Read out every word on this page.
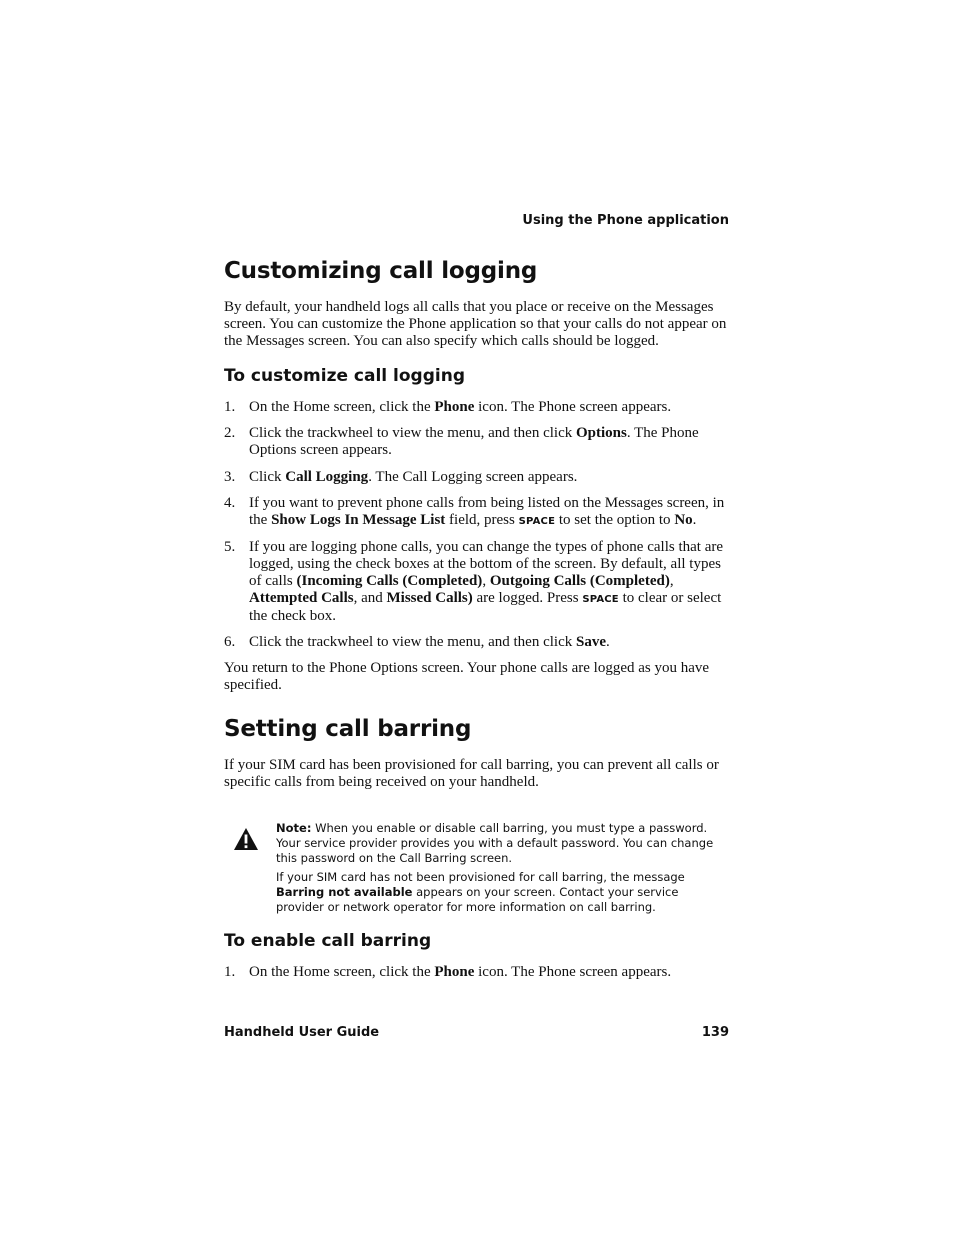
Using the Phone application
Customizing call logging
By default, your handheld logs all calls that you place or receive on the Messages screen. You can customize the Phone application so that your calls do not appear on the Messages screen. You can also specify which calls should be logged.
To customize call logging
1. On the Home screen, click the Phone icon. The Phone screen appears.
2. Click the trackwheel to view the menu, and then click Options. The Phone Options screen appears.
3. Click Call Logging. The Call Logging screen appears.
4. If you want to prevent phone calls from being listed on the Messages screen, in the Show Logs In Message List field, press SPACE to set the option to No.
5. If you are logging phone calls, you can change the types of phone calls that are logged, using the check boxes at the bottom of the screen. By default, all types of calls (Incoming Calls (Completed), Outgoing Calls (Completed), Attempted Calls, and Missed Calls) are logged. Press SPACE to clear or select the check box.
6. Click the trackwheel to view the menu, and then click Save.
You return to the Phone Options screen. Your phone calls are logged as you have specified.
Setting call barring
If your SIM card has been provisioned for call barring, you can prevent all calls or specific calls from being received on your handheld.
Note: When you enable or disable call barring, you must type a password. Your service provider provides you with a default password. You can change this password on the Call Barring screen.
If your SIM card has not been provisioned for call barring, the message Barring not available appears on your screen. Contact your service provider or network operator for more information on call barring.
To enable call barring
1. On the Home screen, click the Phone icon. The Phone screen appears.
Handheld User Guide	139
